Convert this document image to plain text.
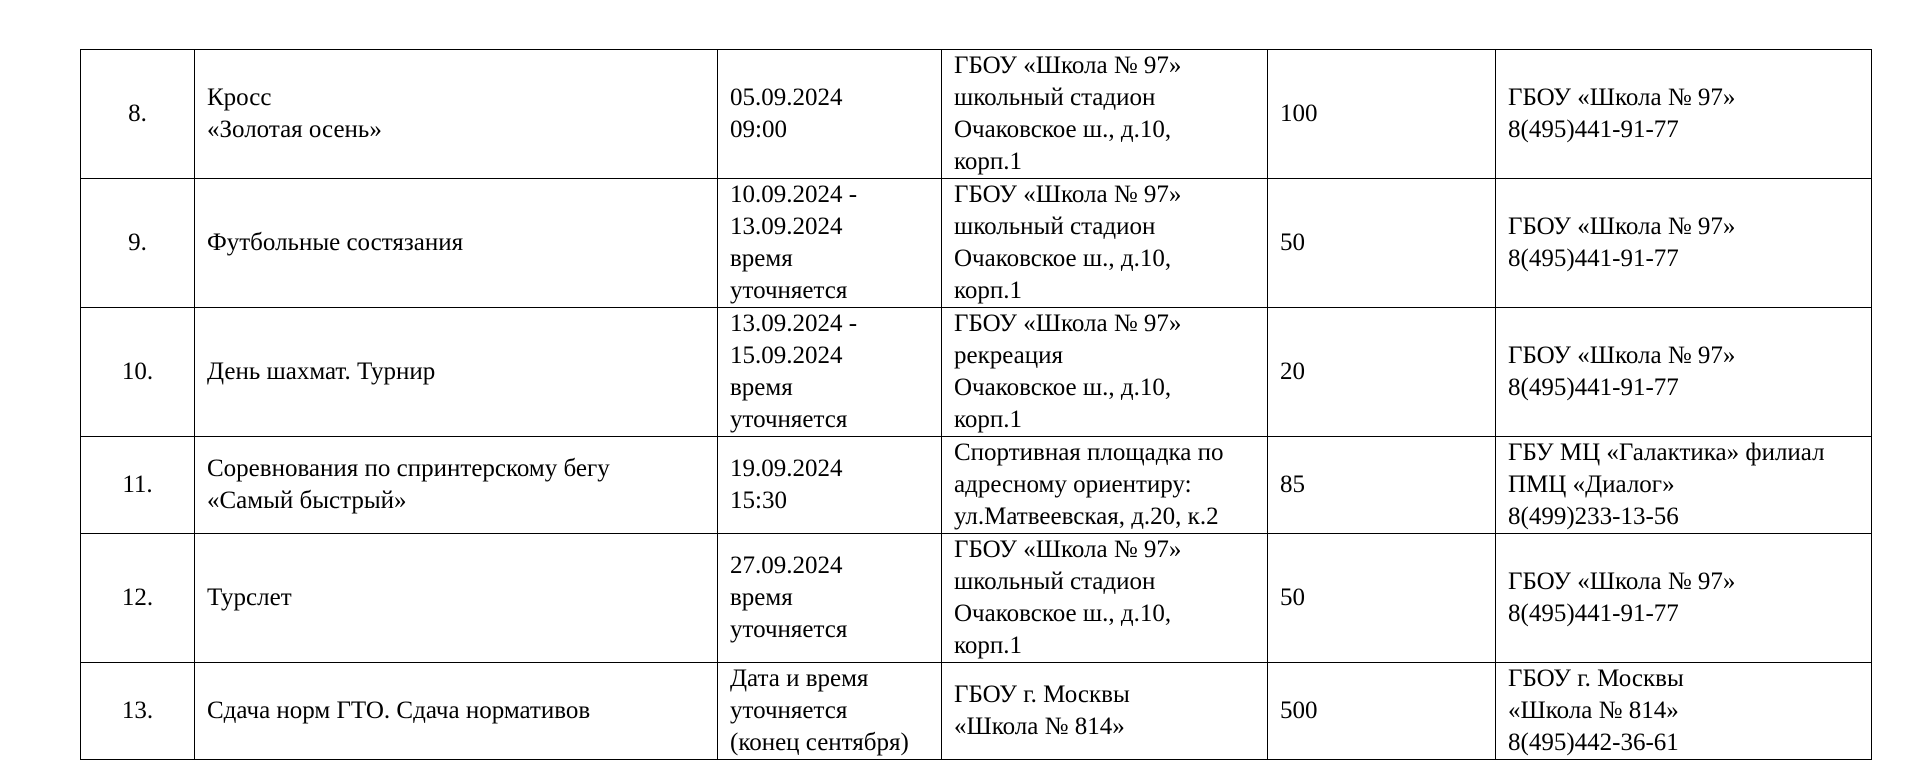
8.	Кросс
«Золотая осень»	05.09.2024
09:00	ГБОУ «Школа № 97»
школьный стадион
Очаковское ш., д.10,
корп.1	100	ГБОУ «Школа № 97»
8(495)441-91-77

9.	Футбольные состязания	10.09.2024 -
13.09.2024
время
уточняется	ГБОУ «Школа № 97»
школьный стадион
Очаковское ш., д.10,
корп.1	50	ГБОУ «Школа № 97»
8(495)441-91-77

10.	День шахмат. Турнир	13.09.2024 -
15.09.2024
время
уточняется	ГБОУ «Школа № 97»
рекреация
Очаковское ш., д.10,
корп.1	20	ГБОУ «Школа № 97»
8(495)441-91-77

11.	Соревнования по спринтерскому бегу
«Самый быстрый»	19.09.2024
15:30	Спортивная площадка по
адресному ориентиру:
ул.Матвеевская, д.20, к.2	85	ГБУ МЦ «Галактика» филиал
ПМЦ «Диалог»
8(499)233-13-56

12.	Турслет	27.09.2024
время
уточняется	ГБОУ «Школа № 97»
школьный стадион
Очаковское ш., д.10,
корп.1	50	ГБОУ «Школа № 97»
8(495)441-91-77

13.	Сдача норм ГТО. Сдача нормативов	Дата и время
уточняется
(конец сентября)	ГБОУ г. Москвы
«Школа № 814»	500	ГБОУ г. Москвы
«Школа № 814»
8(495)442-36-61
